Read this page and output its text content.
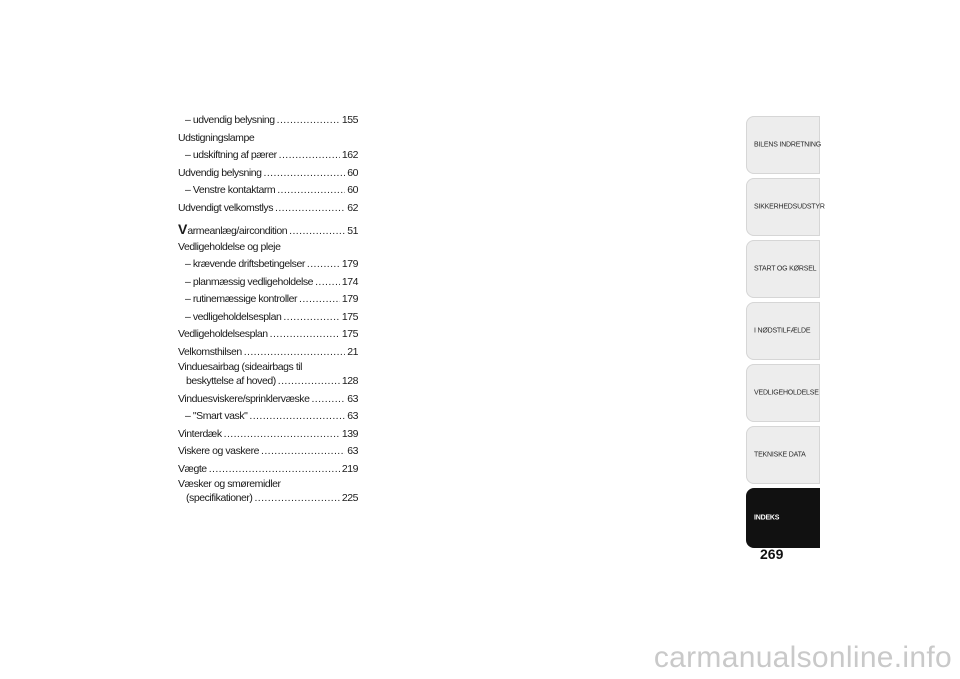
– udvendig belysning .....	155
Udstigningslampe
– udskiftning af pærer .....	162
Udvendig belysning .....	60
– Venstre kontaktarm .....	60
Udvendigt velkomstlys .....	62
V armeanlæg/aircondition .....	51
Vedligeholdelse og pleje
– krævende driftsbetingelser .....	179
– planmæssig vedligeholdelse .....	174
– rutinemæssige kontroller .....	179
– vedligeholdelsesplan .....	175
Vedligeholdelsesplan .....	175
Velkomsthilsen .....	21
Vinduesairbag (sideairbags til
beskyttelse af hoved) .....	128
Vinduesviskere/sprinklervæske .....	63
– "Smart vask" .....	63
Vinterdæk .....	139
Viskere og vaskere .....	63
Vægte .....	219
Væsker og smøremidler
(specifikationer) .....	225
BILENS INDRETNING
SIKKERHEDSUDSTYR
START OG KØRSEL
I NØDSTILFÆLDE
VEDLIGEHOLDELSE
TEKNISKE DATA
INDEKS
269
carmanualsonline.info
